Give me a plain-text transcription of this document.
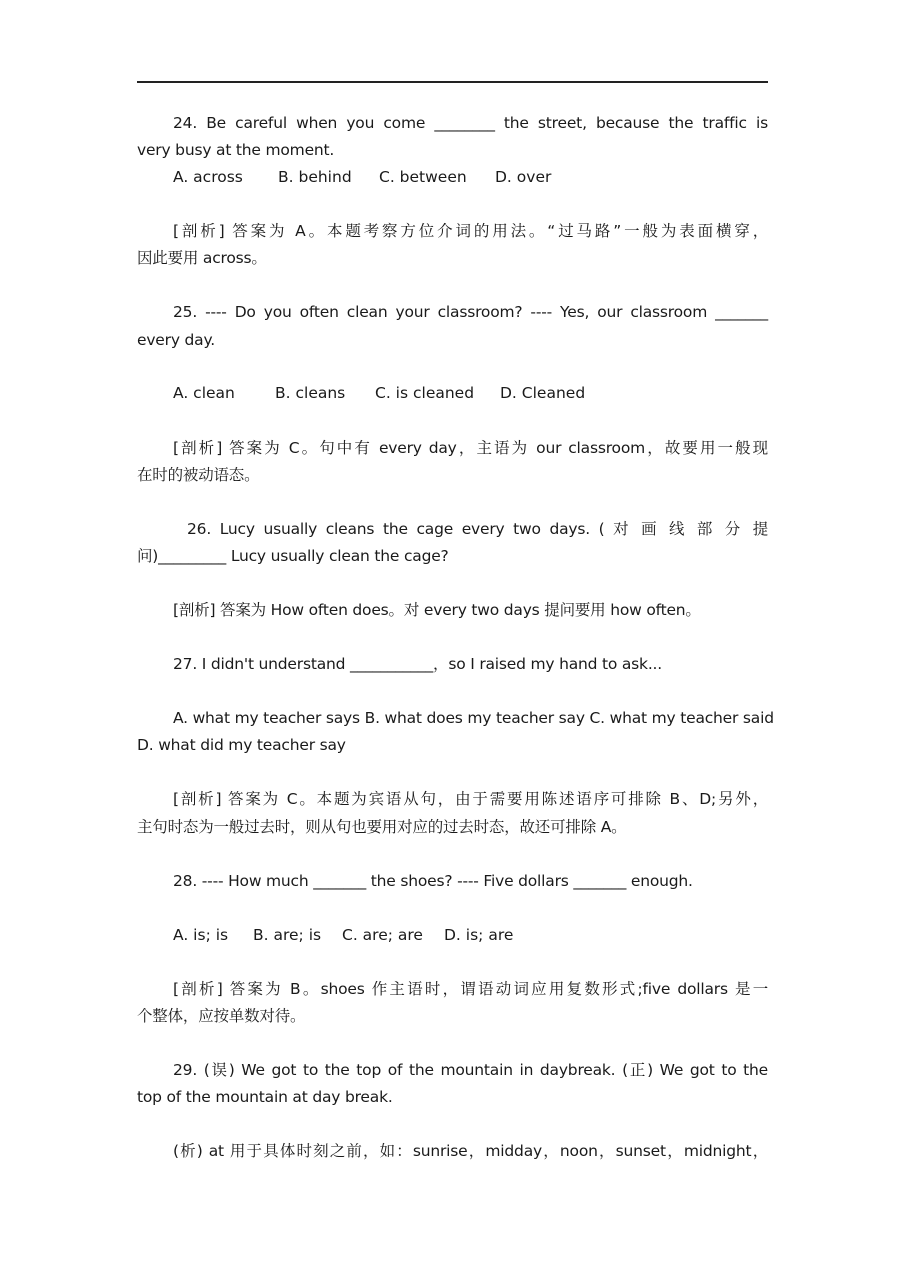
24. Be careful when you come ________ the street, because the traffic is
very busy at the moment.
A. across B. behind C. between D. over
[剖析] 答案为 A。本题考察方位介词的用法。“过马路”一般为表面横穿，
因此要用 across。
25. ---- Do you often clean your classroom? ---- Yes, our classroom _______
every day.
A. clean	B. cleans C. is cleaned D. Cleaned
[剖析] 答案为 C。句中有 every day，主语为 our classroom，故要用一般现
在时的被动语态。
26. Lucy usually cleans the cage every two days. ( 对 画 线 部 分 提
问)_________ Lucy usually clean the cage?
[剖析] 答案为 How often does。对 every two days 提问要用 how often。
27. I didn't understand ___________，so I raised my hand to ask...
A. what my teacher says B. what does my teacher say C. what my teacher said
D. what did my teacher say
[剖析] 答案为 C。本题为宾语从句，由于需要用陈述语序可排除 B、D;另外，
主句时态为一般过去时，则从句也要用对应的过去时态，故还可排除 A。
28. ---- How much _______ the shoes? ---- Five dollars _______ enough.
A. is; is B. are; is C. are; are D. is; are
[剖析] 答案为 B。shoes 作主语时，谓语动词应用复数形式;five dollars 是一
个整体，应按单数对待。
29. (误) We got to the top of the mountain in daybreak. (正) We got to the
top of the mountain at day break.
(析) at 用于具体时刻之前，如：sunrise，midday，noon，sunset，midnight，
